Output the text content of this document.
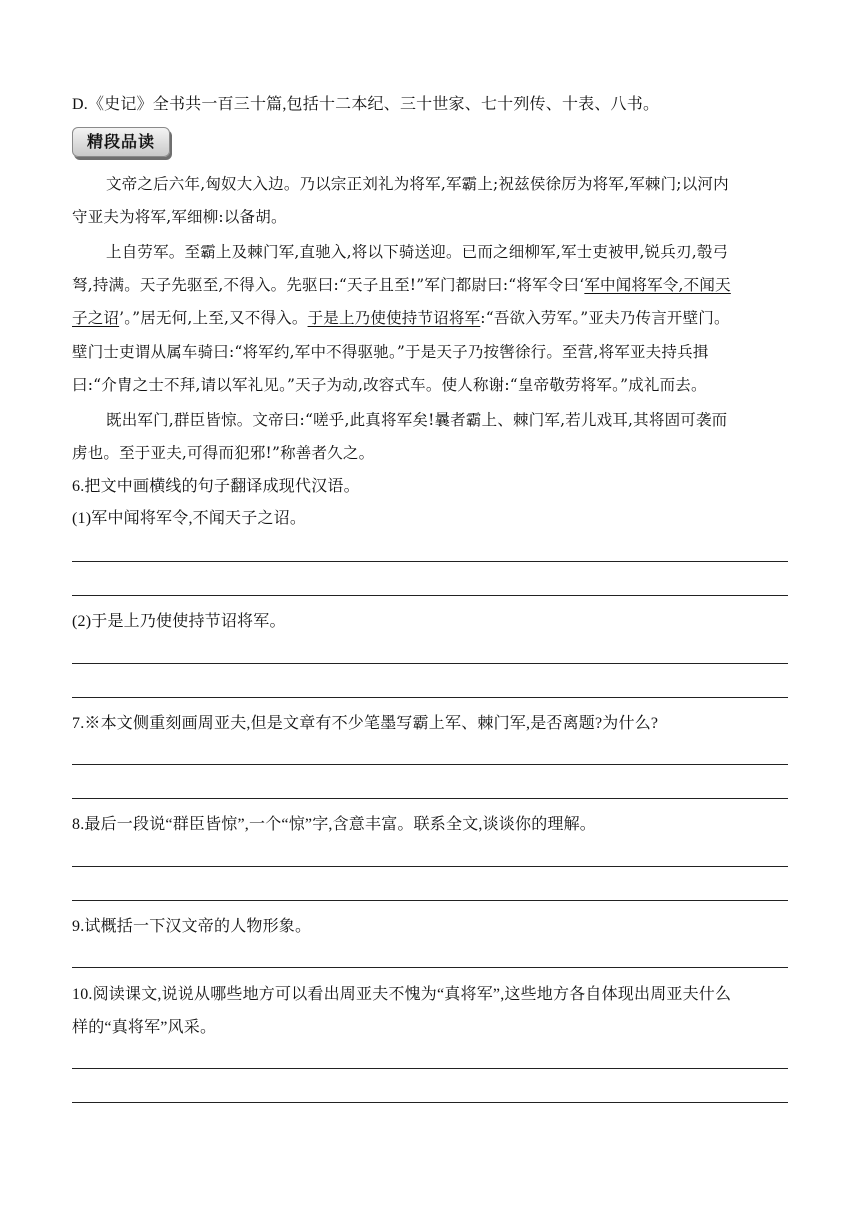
D.《史记》全书共一百三十篇,包括十二本纪、三十世家、七十列传、十表、八书。
精段品读
文帝之后六年,匈奴大入边。乃以宗正刘礼为将军,军霸上;祝兹侯徐厉为将军,军棘门;以河内
守亚夫为将军,军细柳:以备胡。
上自劳军。至霸上及棘门军,直驰入,将以下骑送迎。已而之细柳军,军士吏被甲,锐兵刃,彀弓
弩,持满。天子先驱至,不得入。先驱曰:“天子且至!”军门都尉曰:“将军令曰‘军中闻将军令,不闻天
子之诏’。”居无何,上至,又不得入。于是上乃使使持节诏将军:“吾欲入劳军。”亚夫乃传言开壁门。
壁门士吏谓从属车骑曰:“将军约,军中不得驱驰。”于是天子乃按辔徐行。至营,将军亚夫持兵揖
曰:“介胄之士不拜,请以军礼见。”天子为动,改容式车。使人称谢:“皇帝敬劳将军。”成礼而去。
既出军门,群臣皆惊。文帝曰:“嗟乎,此真将军矣!曩者霸上、棘门军,若儿戏耳,其将固可袭而
虏也。至于亚夫,可得而犯邪!”称善者久之。
6.把文中画横线的句子翻译成现代汉语。
(1)军中闻将军令,不闻天子之诏。
(2)于是上乃使使持节诏将军。
7.※本文侧重刻画周亚夫,但是文章有不少笔墨写霸上军、棘门军,是否离题?为什么?
8.最后一段说“群臣皆惊”,一个“惊”字,含意丰富。联系全文,谈谈你的理解。
9.试概括一下汉文帝的人物形象。
10.阅读课文,说说从哪些地方可以看出周亚夫不愧为“真将军”,这些地方各自体现出周亚夫什么
样的“真将军”风采。
